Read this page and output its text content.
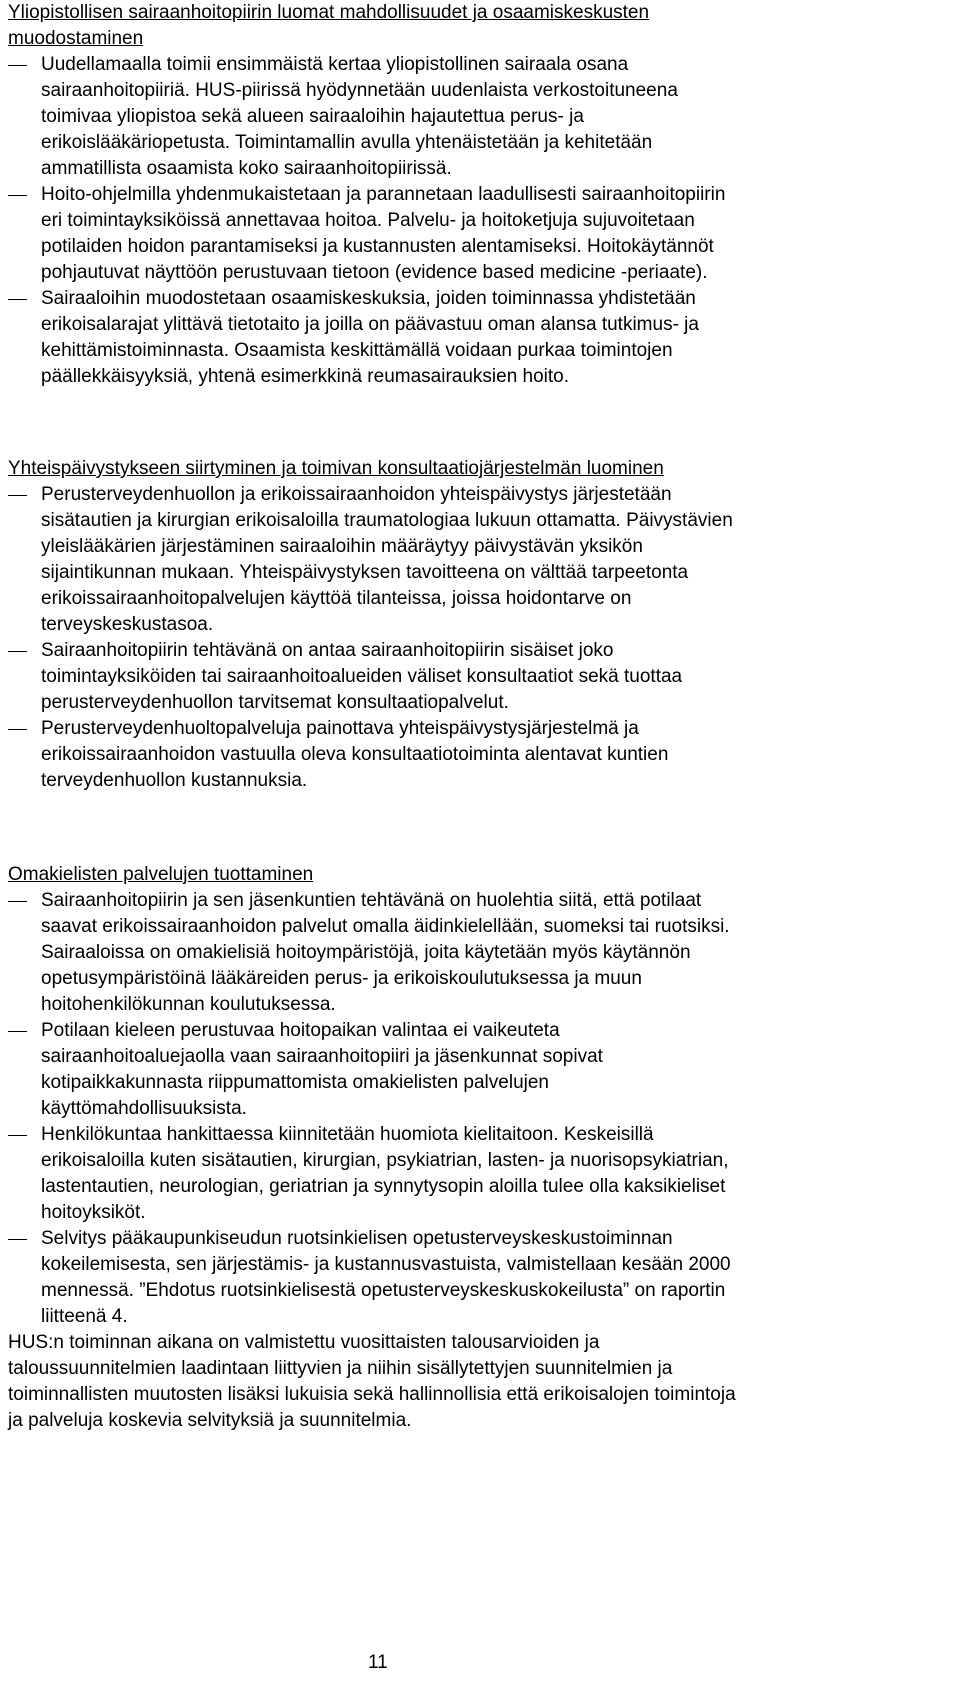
Yliopistollisen sairaanhoitopiirin luomat mahdollisuudet ja osaamiskeskusten
muodostaminen
Uudellamaalla toimii ensimmäistä kertaa yliopistollinen sairaala osana
sairaanhoitopiiriä. HUS-piirissä hyödynnetään uudenlaista verkostoituneena
toimivaa yliopistoa sekä alueen sairaaloihin hajautettua perus- ja
erikoislääkäriopetusta. Toimintamallin avulla yhtenäistetään ja kehitetään
ammatillista osaamista koko sairaanhoitopiirissä.
Hoito-ohjelmilla yhdenmukaistetaan ja parannetaan laadullisesti sairaanhoitopiirin
eri toimintayksiköissä annettavaa hoitoa. Palvelu- ja hoitoketjuja sujuvoitetaan
potilaiden hoidon parantamiseksi ja kustannusten alentamiseksi. Hoitokäytännöt
pohjautuvat näyttöön perustuvaan tietoon (evidence based medicine -periaate).
Sairaaloihin muodostetaan osaamiskeskuksia, joiden toiminnassa yhdistetään
erikoisalarajat ylittävä tietotaito ja joilla on päävastuu oman alansa tutkimus- ja
kehittämistoiminnasta. Osaamista keskittämällä voidaan purkaa toimintojen
päällekkäisyyksiä, yhtenä esimerkkinä reumasairauksien hoito.
Yhteispäivystykseen siirtyminen ja toimivan konsultaatiojärjestelmän luominen
Perusterveydenhuollon ja erikoissairaanhoidon yhteispäivystys järjestetään
sisätautien ja kirurgian erikoisaloilla traumatologiaa lukuun ottamatta. Päivystävien
yleislääkärien järjestäminen sairaaloihin määräytyy päivystävän yksikön
sijaintikunnan mukaan. Yhteispäivystyksen tavoitteena on välttää tarpeetonta
erikoissairaanhoitopalvelujen käyttöä tilanteissa, joissa hoidontarve on
terveyskeskustasoa.
Sairaanhoitopiirin tehtävänä on antaa sairaanhoitopiirin sisäiset joko
toimintayksiköiden tai sairaanhoitoalueiden väliset konsultaatiot sekä tuottaa
perusterveydenhuollon tarvitsemat konsultaatiopalvelut.
Perusterveydenhuoltopalveluja painottava yhteispäivystysjärjestelmä ja
erikoissairaanhoidon vastuulla oleva konsultaatiotoiminta alentavat kuntien
terveydenhuollon kustannuksia.
Omakielisten palvelujen tuottaminen
Sairaanhoitopiirin ja sen jäsenkuntien tehtävänä on huolehtia siitä, että potilaat
saavat erikoissairaanhoidon palvelut omalla äidinkielellään, suomeksi tai ruotsiksi.
Sairaaloissa on omakielisiä hoitoympäristöjä, joita käytetään myös käytännön
opetusympäristöinä lääkäreiden perus- ja erikoiskoulutuksessa ja muun
hoitohenkilökunnan koulutuksessa.
Potilaan kieleen perustuvaa hoitopaikan valintaa ei vaikeuteta
sairaanhoitoaluejaolla vaan sairaanhoitopiiri ja jäsenkunnat sopivat
kotipaikkakunnasta riippumattomista omakielisten palvelujen
käyttömahdollisuuksista.
Henkilökuntaa hankittaessa kiinnitetään huomiota kielitaitoon. Keskeisillä
erikoisaloilla kuten sisätautien, kirurgian, psykiatrian, lasten- ja nuorisopsykiatrian,
lastentautien, neurologian, geriatrian ja synnytysopin aloilla tulee olla kaksikieliset
hoitoyksiköt.
Selvitys pääkaupunkiseudun ruotsinkielisen opetusterveyskeskustoiminnan
kokeilemisesta, sen järjestämis- ja kustannusvastuista, valmistellaan kesään 2000
mennessä. ”Ehdotus ruotsinkielisestä opetusterveyskeskuskokeilusta” on raportin
liitteenä 4.
HUS:n toiminnan aikana on valmistettu vuosittaisten talousarvioiden ja
taloussuunnitelmien laadintaan liittyvien ja niihin sisällytettyjen suunnitelmien ja
toiminnallisten muutosten lisäksi lukuisia sekä hallinnollisia että erikoisalojen toimintoja
ja palveluja koskevia selvityksiä ja suunnitelmia.
11
